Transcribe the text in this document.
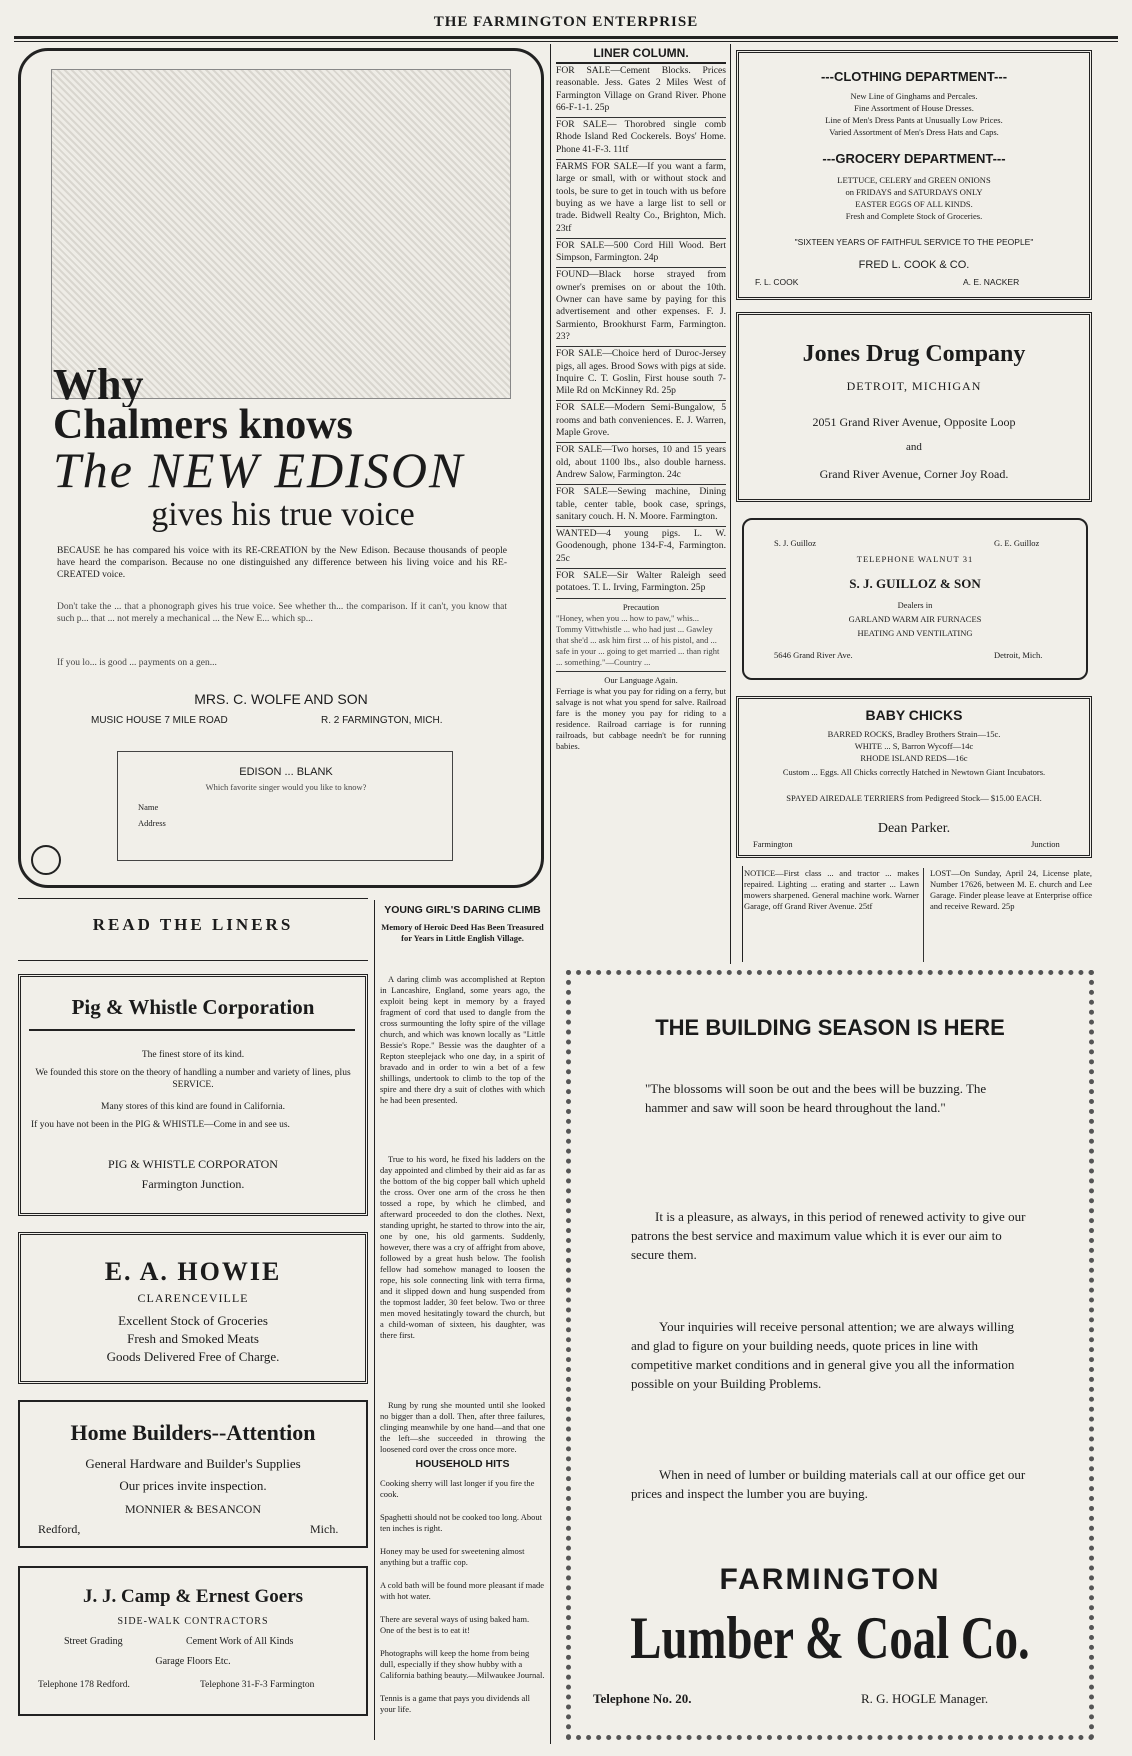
THE FARMINGTON ENTERPRISE
Why
Chalmers knows
The NEW EDISON
gives his true voice
BECAUSE he has compared his voice with its RE-CREATION by the New Edison. Because thousands of people have heard the comparison. Because no one distinguished any difference between his living voice and his RE-CREATED voice.
Don't take the ... that a phonograph gives his true voice. See whether th... the comparison. If it can't, you know that such p... that ... not merely a mechanical ... the New E... which sp...
If you lo... is good ... payments on a gen...
MRS. C. WOLFE AND SON
MUSIC HOUSE 7 MILE ROAD	R. 2 FARMINGTON, MICH.
EDISON ... BLANK
Which favorite singer would you like to know?
Name
Address
READ THE LINERS
Pig & Whistle Corporation
The finest store of its kind.
We founded this store on the theory of handling a number and variety of lines, plus SERVICE.
Many stores of this kind are found in California.
If you have not been in the PIG & WHISTLE—Come in and see us.
PIG & WHISTLE CORPORATON
Farmington Junction.
E. A. HOWIE
CLARENCEVILLE
Excellent Stock of Groceries
Fresh and Smoked Meats
Goods Delivered Free of Charge.
Home Builders--Attention
General Hardware and Builder's Supplies
Our prices invite inspection.
MONNIER & BESANCON
Redford,	Mich.
J. J. Camp & Ernest Goers
SIDE-WALK CONTRACTORS
Street Grading	Cement Work of All Kinds
Garage Floors Etc.
Telephone 178 Redford.	Telephone 31-F-3 Farmington
YOUNG GIRL'S DARING CLIMB
Memory of Heroic Deed Has Been Treasured for Years in Little English Village.
A daring climb was accomplished at Repton in Lancashire, England, some years ago, the exploit being kept in memory by a frayed fragment of cord that used to dangle from the cross surmounting the lofty spire of the village church, and which was known locally as "Little Bessie's Rope." Bessie was the daughter of a Repton steeplejack who one day, in a spirit of bravado and in order to win a bet of a few shillings, undertook to climb to the top of the spire and there dry a suit of clothes with which he had been presented.
True to his word, he fixed his ladders on the day appointed and climbed by their aid as far as the bottom of the big copper ball which upheld the cross. Over one arm of the cross he then tossed a rope, by which he climbed, and afterward proceeded to don the clothes. Next, standing upright, he started to throw into the air, one by one, his old garments. Suddenly, however, there was a cry of affright from above, followed by a great hush below. The foolish fellow had somehow managed to loosen the rope, his sole connecting link with terra firma, and it slipped down and hung suspended from the topmost ladder, 30 feet below. Two or three men moved hesitatingly toward the church, but a child-woman of sixteen, his daughter, was there first.
Rung by rung she mounted until she looked no bigger than a doll. Then, after three failures, clinging meanwhile by one hand—and that one the left—she succeeded in throwing the loosened cord over the cross once more.
HOUSEHOLD HITS

Cooking sherry will last longer if you fire the cook.

Spaghetti should not be cooked too long. About ten inches is right.

Honey may be used for sweetening almost anything but a traffic cop.

A cold bath will be found more pleasant if made with hot water.

There are several ways of using baked ham. One of the best is to eat it!

Photographs will keep the home from being dull, especially if they show hubby with a California bathing beauty.—Milwaukee Journal.

Tennis is a game that pays you dividends all your life.

LINER COLUMN.
FOR SALE—Cement Blocks. Prices reasonable. Jess. Gates 2 Miles West of Farmington Village on Grand River. Phone 66-F-1-1. 25p
FOR SALE— Thorobred single comb Rhode Island Red Cockerels. Boys' Home. Phone 41-F-3. 11tf
FARMS FOR SALE—If you want a farm, large or small, with or without stock and tools, be sure to get in touch with us before buying as we have a large list to sell or trade. Bidwell Realty Co., Brighton, Mich. 23tf
FOR SALE—500 Cord Hill Wood. Bert Simpson, Farmington. 24p
FOUND—Black horse strayed from owner's premises on or about the 10th. Owner can have same by paying for this advertisement and other expenses. F. J. Sarmiento, Brookhurst Farm, Farmington. 23?
FOR SALE—Choice herd of Duroc-Jersey pigs, all ages. Brood Sows with pigs at side. Inquire C. T. Goslin, First house south 7-Mile Rd on McKinney Rd. 25p
FOR SALE—Modern Semi-Bungalow, 5 rooms and bath conveniences. E. J. Warren, Maple Grove.
FOR SALE—Two horses, 10 and 15 years old, about 1100 lbs., also double harness. Andrew Salow, Farmington. 24c
FOR SALE—Sewing machine, Dining table, center table, book case, springs, sanitary couch. H. N. Moore. Farmington.
WANTED—4 young pigs. L. W. Goodenough, phone 134-F-4, Farmington. 25c
FOR SALE—Sir Walter Raleigh seed potatoes. T. L. Irving, Farmington. 25p
Precaution
"Honey, when you ... how to paw," whis... Tommy Vittwhistle ... who had just ... Gawley that she'd ... ask him first ... of his pistol, and ... safe in your ... going to get married ... than right ... something."—Country ...
Our Language Again.
Ferriage is what you pay for riding on a ferry, but salvage is not what you spend for salve. Railroad fare is the money you pay for riding to a residence. Railroad carriage is for running railroads, but cabbage needn't be for running babies.
---CLOTHING DEPARTMENT---
New Line of Ginghams and Percales.
Fine Assortment of House Dresses.
Line of Men's Dress Pants at Unusually Low Prices.
Varied Assortment of Men's Dress Hats and Caps.
---GROCERY DEPARTMENT---
LETTUCE, CELERY and GREEN ONIONS
on FRIDAYS and SATURDAYS ONLY
EASTER EGGS OF ALL KINDS.
Fresh and Complete Stock of Groceries.
"SIXTEEN YEARS OF FAITHFUL SERVICE TO THE PEOPLE"
FRED L. COOK & CO.
F. L. COOK	A. E. NACKER
Jones Drug Company
DETROIT, MICHIGAN
2051 Grand River Avenue, Opposite Loop
and
Grand River Avenue, Corner Joy Road.
S. J. Guilloz	G. E. Guilloz
TELEPHONE WALNUT 31
S. J. GUILLOZ & SON
Dealers in
GARLAND WARM AIR FURNACES
HEATING AND VENTILATING
5646 Grand River Ave.	Detroit, Mich.
BABY CHICKS
BARRED ROCKS, Bradley Brothers Strain—15c.
WHITE ... S, Barron Wycoff—14c
RHODE ISLAND REDS—16c
Custom ... Eggs. All Chicks correctly Hatched in Newtown Giant Incubators.
SPAYED AIREDALE TERRIERS from Pedigreed Stock— $15.00 EACH.
Dean Parker.
Farmington	Junction
NOTICE—First class ... and tractor ... makes repaired. Lighting ... erating and starter ... Lawn mowers sharpened. General machine work. Warner Garage, off Grand River Avenue. 25tf
LOST—On Sunday, April 24, License plate, Number 17626, between M. E. church and Lee Garage. Finder please leave at Enterprise office and receive Reward. 25p
THE BUILDING SEASON IS HERE
"The blossoms will soon be out and the bees will be buzzing. The hammer and saw will soon be heard throughout the land."
It is a pleasure, as always, in this period of renewed activity to give our patrons the best service and maximum value which it is ever our aim to secure them.
Your inquiries will receive personal attention; we are always willing and glad to figure on your building needs, quote prices in line with competitive market conditions and in general give you all the information possible on your Building Problems.
When in need of lumber or building materials call at our office get our prices and inspect the lumber you are buying.
FARMINGTON
Lumber & Coal Co.
Telephone No. 20.	R. G. HOGLE Manager.
